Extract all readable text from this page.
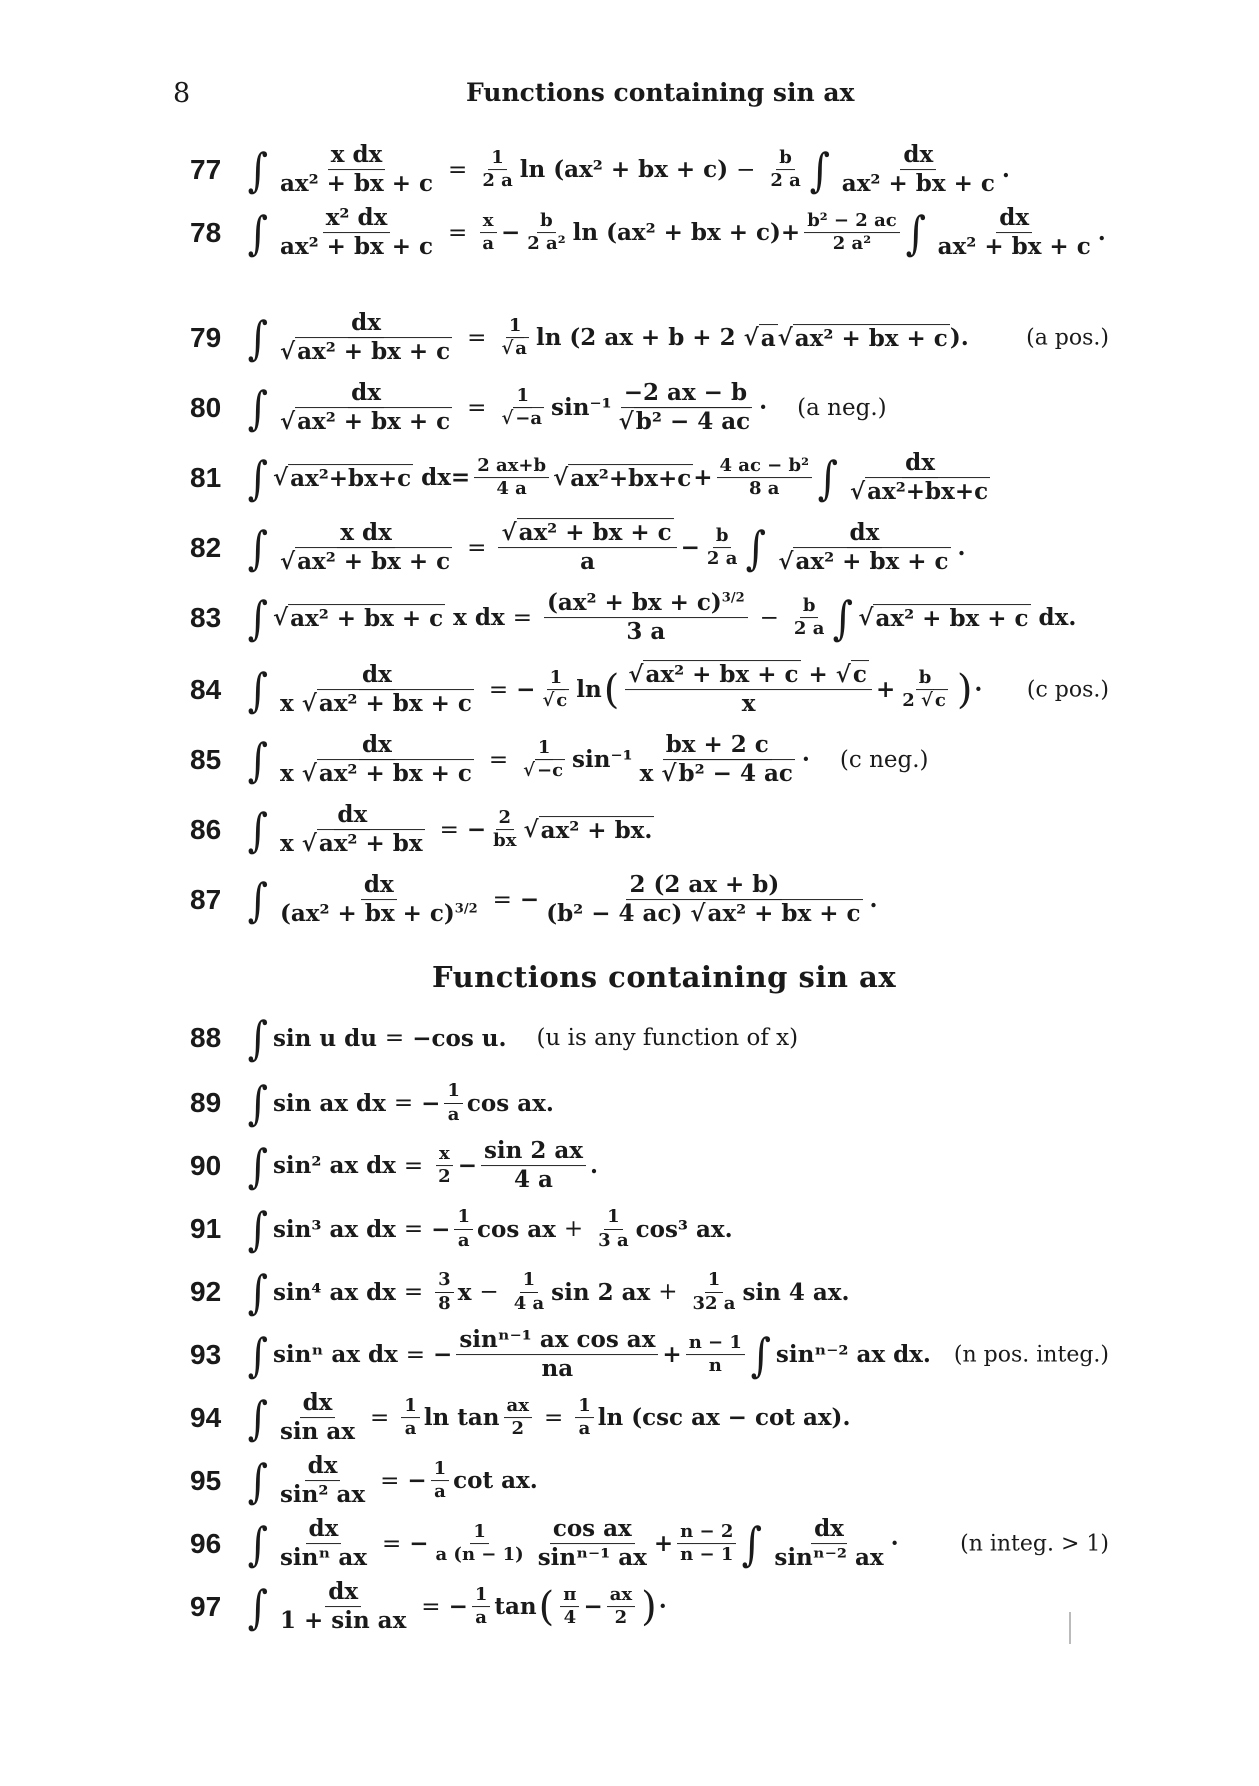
8	Functions containing sin ax
77 ∫ $\frac{\text{x dx}}{\text{ax² + bx + c}} = \frac{1}{2 a}$ ln (ax² + bx + $c) - \frac{b}{2 a}$ ∫ $\frac{dx}{\text{ax² + bx + c}}$ .
78 ∫ $\frac{\text{x² dx}}{\text{ax² + bx + c}} = \frac{x}{a} - \frac{b}{\text{2 a²}}$ ln (ax² + bx + $c)+ \frac{\text{b² − 2 ac}}{\text{2 a²}}$ ∫ $\frac{dx}{\text{ax² + bx + c}}$ .
79 ∫ $\frac{dx}{\text{√ax² + bx + c}} = \frac{1}{√ a}$ ln (2 ax + b + 2 √ a √ ax² + bx + c ).	(a pos.)
80 ∫ $\frac{dx}{\text{√ax² + bx + c}} = \frac{1}{√ -a} \sin^{-1} \frac{-2 ax - b}{\text{√b² − 4 ac}} \cdot (a$ neg.)
81 ∫ √ ax²+bx+c $dx= \frac{2 ax+b}{4 a}$ √ $ax^2+bx+c + \frac{\text{4 ac − b²}}{8 a}$ ∫ $\frac{dx}{\text{√ax²+bx+c}}$
82 ∫ $\frac{\text{x dx}}{\text{√ax² + bx + c}} = \frac{\text{√ax² + bx + c}}{a} - \frac{b}{2 a}$ ∫ $\frac{dx}{\text{√ax² + bx + c}}$ .
83 ∫ √ ax² + bx + c x dx = $\frac{(ax^2 + bx + c)^{3/2}}{3 a} - \frac{b}{2 a}$ ∫ √ ax² + bx + c dx.
84 ∫ $\frac{dx}{\text{x √ax² + bx + c}}$ = − $\frac{1}{√ c}$ ln ( $\frac{\text{√ax² + bx + c + √c}}{x} + \frac{b}{2 √ c}$ ) · (c pos.)
85 ∫ $\frac{dx}{\text{x √ax² + bx + c}} = \frac{1}{√ -c} \sin^{-1} \frac{bx + 2 c}{\text{x √b² − 4 ac}} \cdot (c$ neg.)
86 ∫ $\frac{dx}{\text{x √ax² + bx}}$ = − $\frac{2}{bx}$ √ ax² + bx.
87 ∫ $\frac{dx}{(ax^2 + bx + c)^{3/2}}$ = − $\frac{2 (2 ax + b)}{\text{(b² − 4 ac) √ax² + bx + c}}$ .
Functions containing sin ax
88 ∫ sin u du = −cos u. (u is any function of x)
89 ∫ sin ax dx = − $\frac{1}{a}$ cos ax.
90 ∫ sin² ax dx = $\frac{x}{2} - \frac{\sin 2 ax}{4 a}$ .
91 ∫ sin³ ax dx = − $\frac{1}{a}$ cos ax + $\frac{1}{3 a} \cos^3$ ax.
92 ∫ sin⁴ ax dx = $\frac{3}{8}$ $x - \frac{1}{4 a}$ sin 2 ax + $\frac{1}{32 a}$ sin 4 ax.
93 ∫ sinⁿ ax dx = − $\frac{\text{sinⁿ⁻¹ ax cos ax}}{na} + \frac{n - 1}{n}$ ∫ sinⁿ⁻² ax dx. (n pos. integ.)
94 ∫ $\frac{dx}{\text{sin ax}} = \frac{1}{a}$ $\ln \tan \frac{ax}{2} = \frac{1}{a}$ ln (csc ax − cot ax).
95 ∫ $\frac{dx}{\text{sin² ax}}$ = − $\frac{1}{a}$ cot ax.
96 ∫ $\frac{dx}{\text{sinⁿ ax}}$ = − $\frac{1}{a (n - 1)} \frac{\text{cos ax}}{\text{sinⁿ⁻¹ ax}} + \frac{n - 2}{n - 1}$ ∫ $\frac{dx}{\text{sinⁿ⁻² ax}}$ ·	(n integ. > 1)
97 ∫ $\frac{dx}{\text{1 + sin ax}}$ = − $\frac{1}{a}$ tan ( $\frac{\pi}{4} - \frac{ax}{2}$ ) ·
